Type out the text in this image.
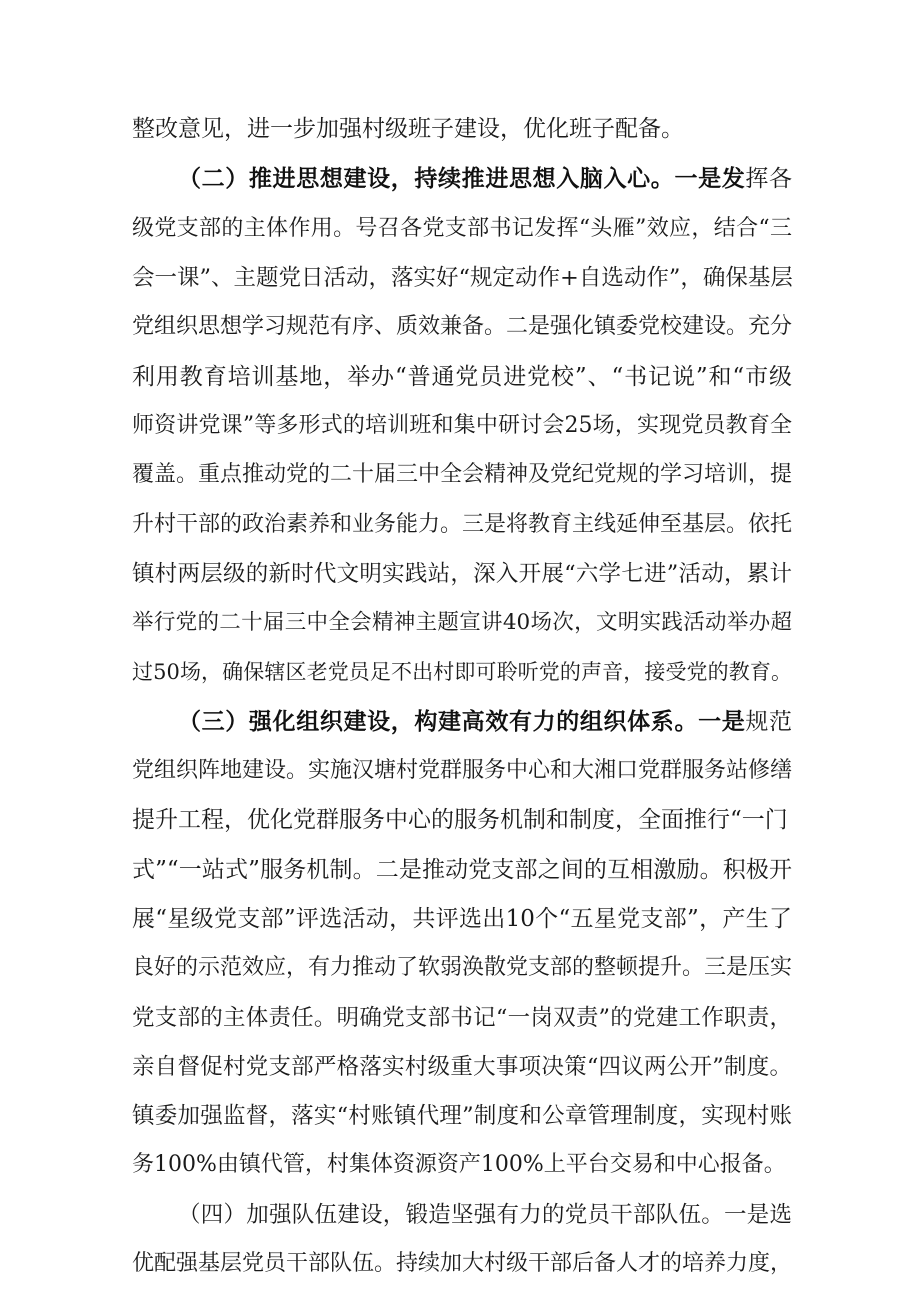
整改意见，进一步加强村级班子建设，优化班子配备。
（二）推进思想建设，持续推进思想入脑入心。一是发挥各
级党支部的主体作用。号召各党支部书记发挥“头雁”效应，结合“三
会一课”、主题党日活动，落实好“规定动作+自选动作”，确保基层
党组织思想学习规范有序、质效兼备。二是强化镇委党校建设。充分
利用教育培训基地，举办“普通党员进党校”、“书记说”和“市级
师资讲党课”等多形式的培训班和集中研讨会25场，实现党员教育全
覆盖。重点推动党的二十届三中全会精神及党纪党规的学习培训，提
升村干部的政治素养和业务能力。三是将教育主线延伸至基层。依托
镇村两层级的新时代文明实践站，深入开展“六学七进”活动，累计
举行党的二十届三中全会精神主题宣讲40场次，文明实践活动举办超
过50场，确保辖区老党员足不出村即可聆听党的声音，接受党的教育。
（三）强化组织建设，构建高效有力的组织体系。一是规范
党组织阵地建设。实施汉塘村党群服务中心和大湘口党群服务站修缮
提升工程，优化党群服务中心的服务机制和制度，全面推行“一门
式”“一站式”服务机制。二是推动党支部之间的互相激励。积极开
展“星级党支部”评选活动，共评选出10个“五星党支部”，产生了
良好的示范效应，有力推动了软弱涣散党支部的整顿提升。三是压实
党支部的主体责任。明确党支部书记“一岗双责”的党建工作职责，
亲自督促村党支部严格落实村级重大事项决策“四议两公开”制度。
镇委加强监督，落实“村账镇代理”制度和公章管理制度，实现村账
务100%由镇代管，村集体资源资产100%上平台交易和中心报备。
（四）加强队伍建设，锻造坚强有力的党员干部队伍。一是选
优配强基层党员干部队伍。持续加大村级干部后备人才的培养力度，
